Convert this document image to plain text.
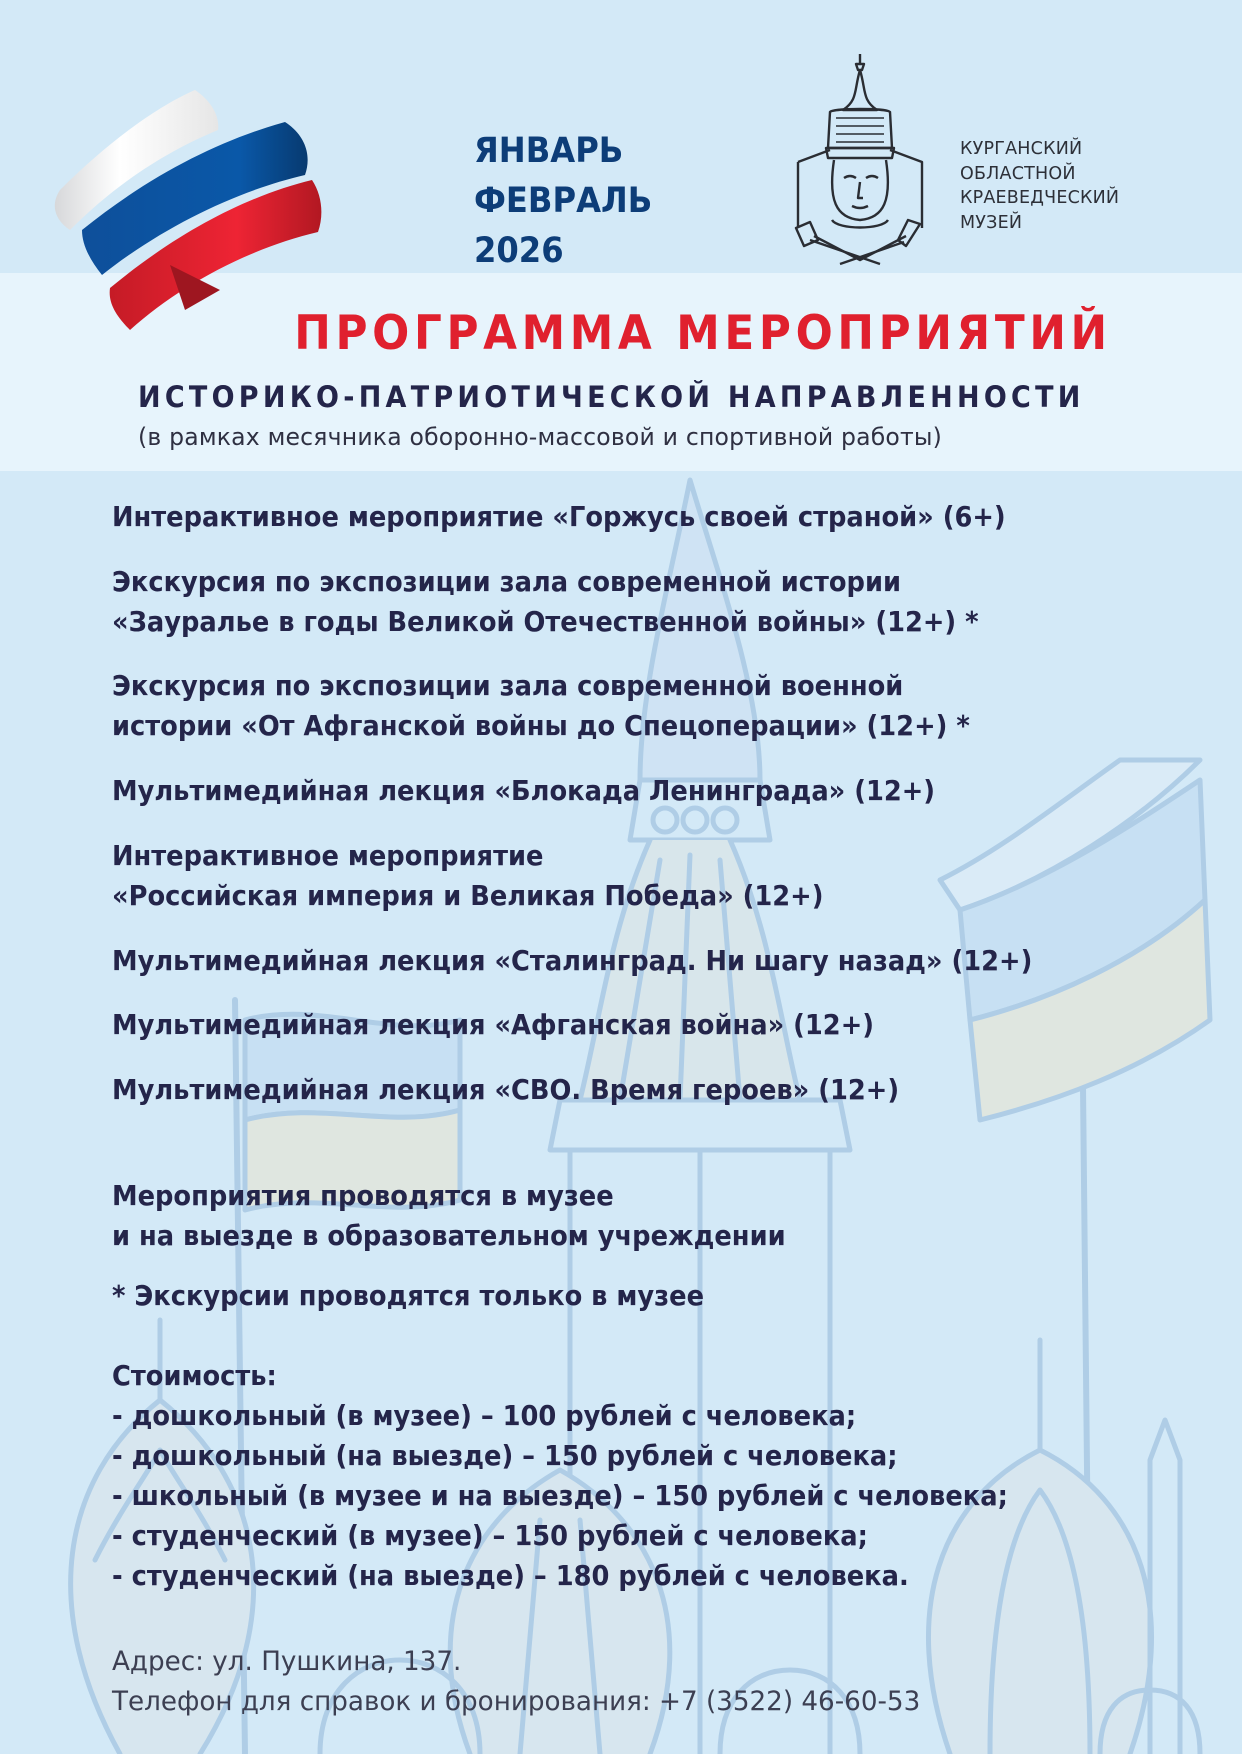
ЯНВАРЬ
ФЕВРАЛЬ
2026
КУРГАНСКИЙ
ОБЛАСТНОЙ
КРАЕВЕДЧЕСКИЙ
МУЗЕЙ
ПРОГРАММА МЕРОПРИЯТИЙ
ИСТОРИКО-ПАТРИОТИЧЕСКОЙ НАПРАВЛЕННОСТИ
(в рамках месячника оборонно-массовой и спортивной работы)
Интерактивное мероприятие «Горжусь своей страной» (6+)
Экскурсия по экспозиции зала современной истории
«Зауралье в годы Великой Отечественной войны» (12+) *
Экскурсия по экспозиции зала современной военной
истории «От Афганской войны до Спецоперации» (12+) *
Мультимедийная лекция «Блокада Ленинграда» (12+)
Интерактивное мероприятие
«Российская империя и Великая Победа» (12+)
Мультимедийная лекция «Сталинград. Ни шагу назад» (12+)
Мультимедийная лекция «Афганская война» (12+)
Мультимедийная лекция «СВО. Время героев» (12+)
Мероприятия проводятся в музее
и на выезде в образовательном учреждении
* Экскурсии проводятся только в музее
Стоимость:
- дошкольный (в музее) – 100 рублей с человека;
- дошкольный (на выезде) – 150 рублей с человека;
- школьный (в музее и на выезде) – 150 рублей с человека;
- студенческий (в музее) – 150 рублей с человека;
- студенческий (на выезде) – 180 рублей с человека.
Адрес: ул. Пушкина, 137.
Телефон для справок и бронирования: +7 (3522) 46-60-53
